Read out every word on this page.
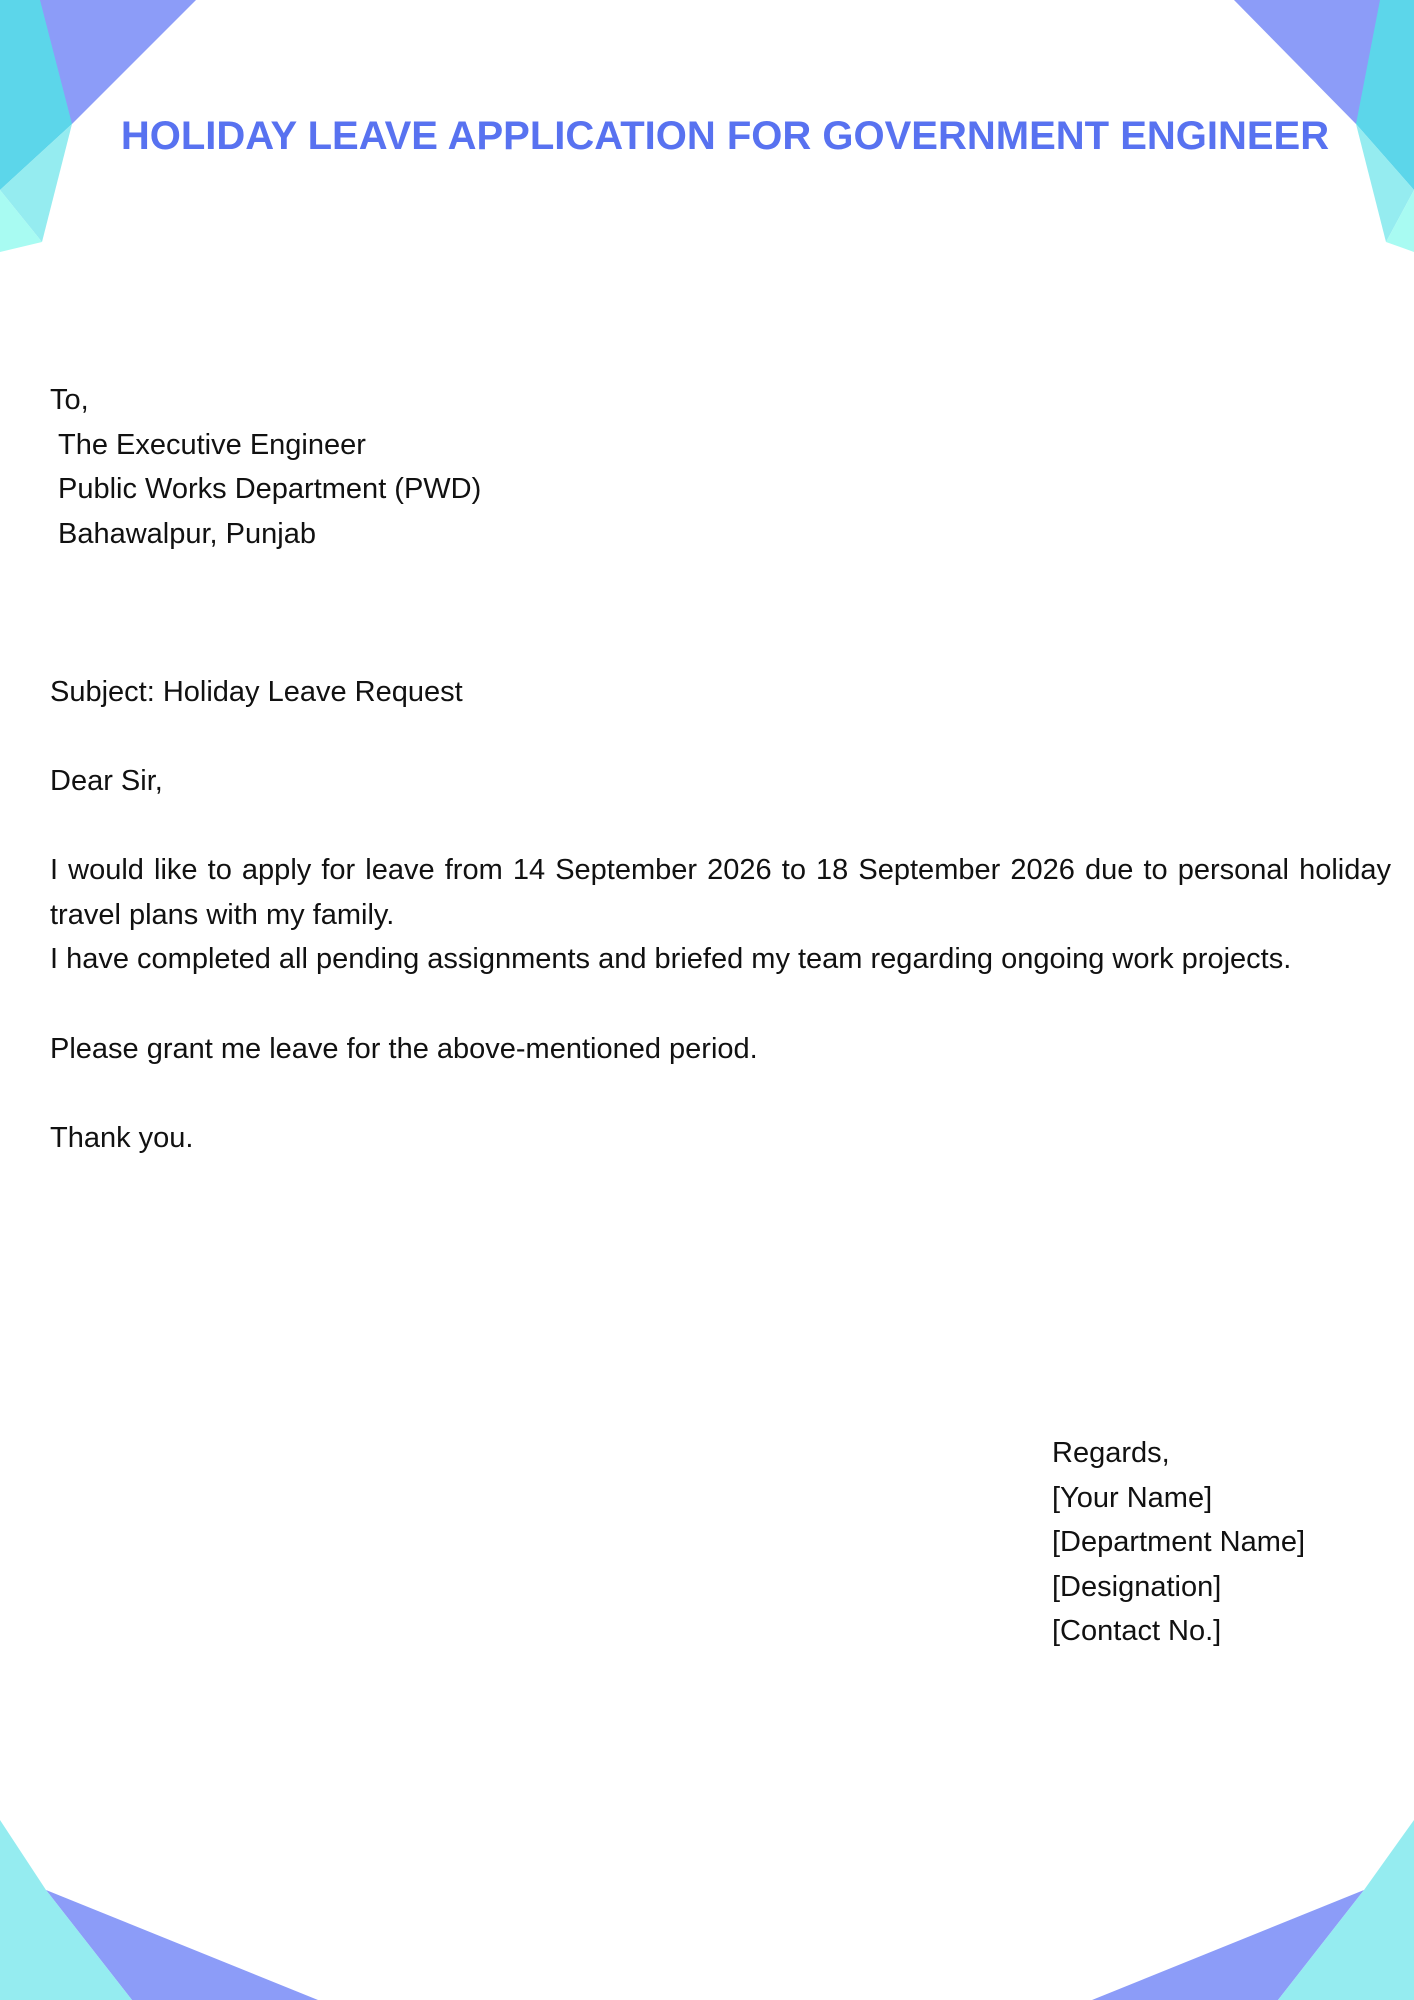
HOLIDAY LEAVE APPLICATION FOR GOVERNMENT ENGINEER
To,
The Executive Engineer
Public Works Department (PWD)
Bahawalpur, Punjab

Subject: Holiday Leave Request

Dear Sir,

I would like to apply for leave from 14 September 2026 to 18 September 2026 due to personal holiday travel plans with my family.

I have completed all pending assignments and briefed my team regarding ongoing work projects.

Please grant me leave for the above-mentioned period.

Thank you.

Regards,
[Your Name]
[Department Name]
[Designation]
[Contact No.]
